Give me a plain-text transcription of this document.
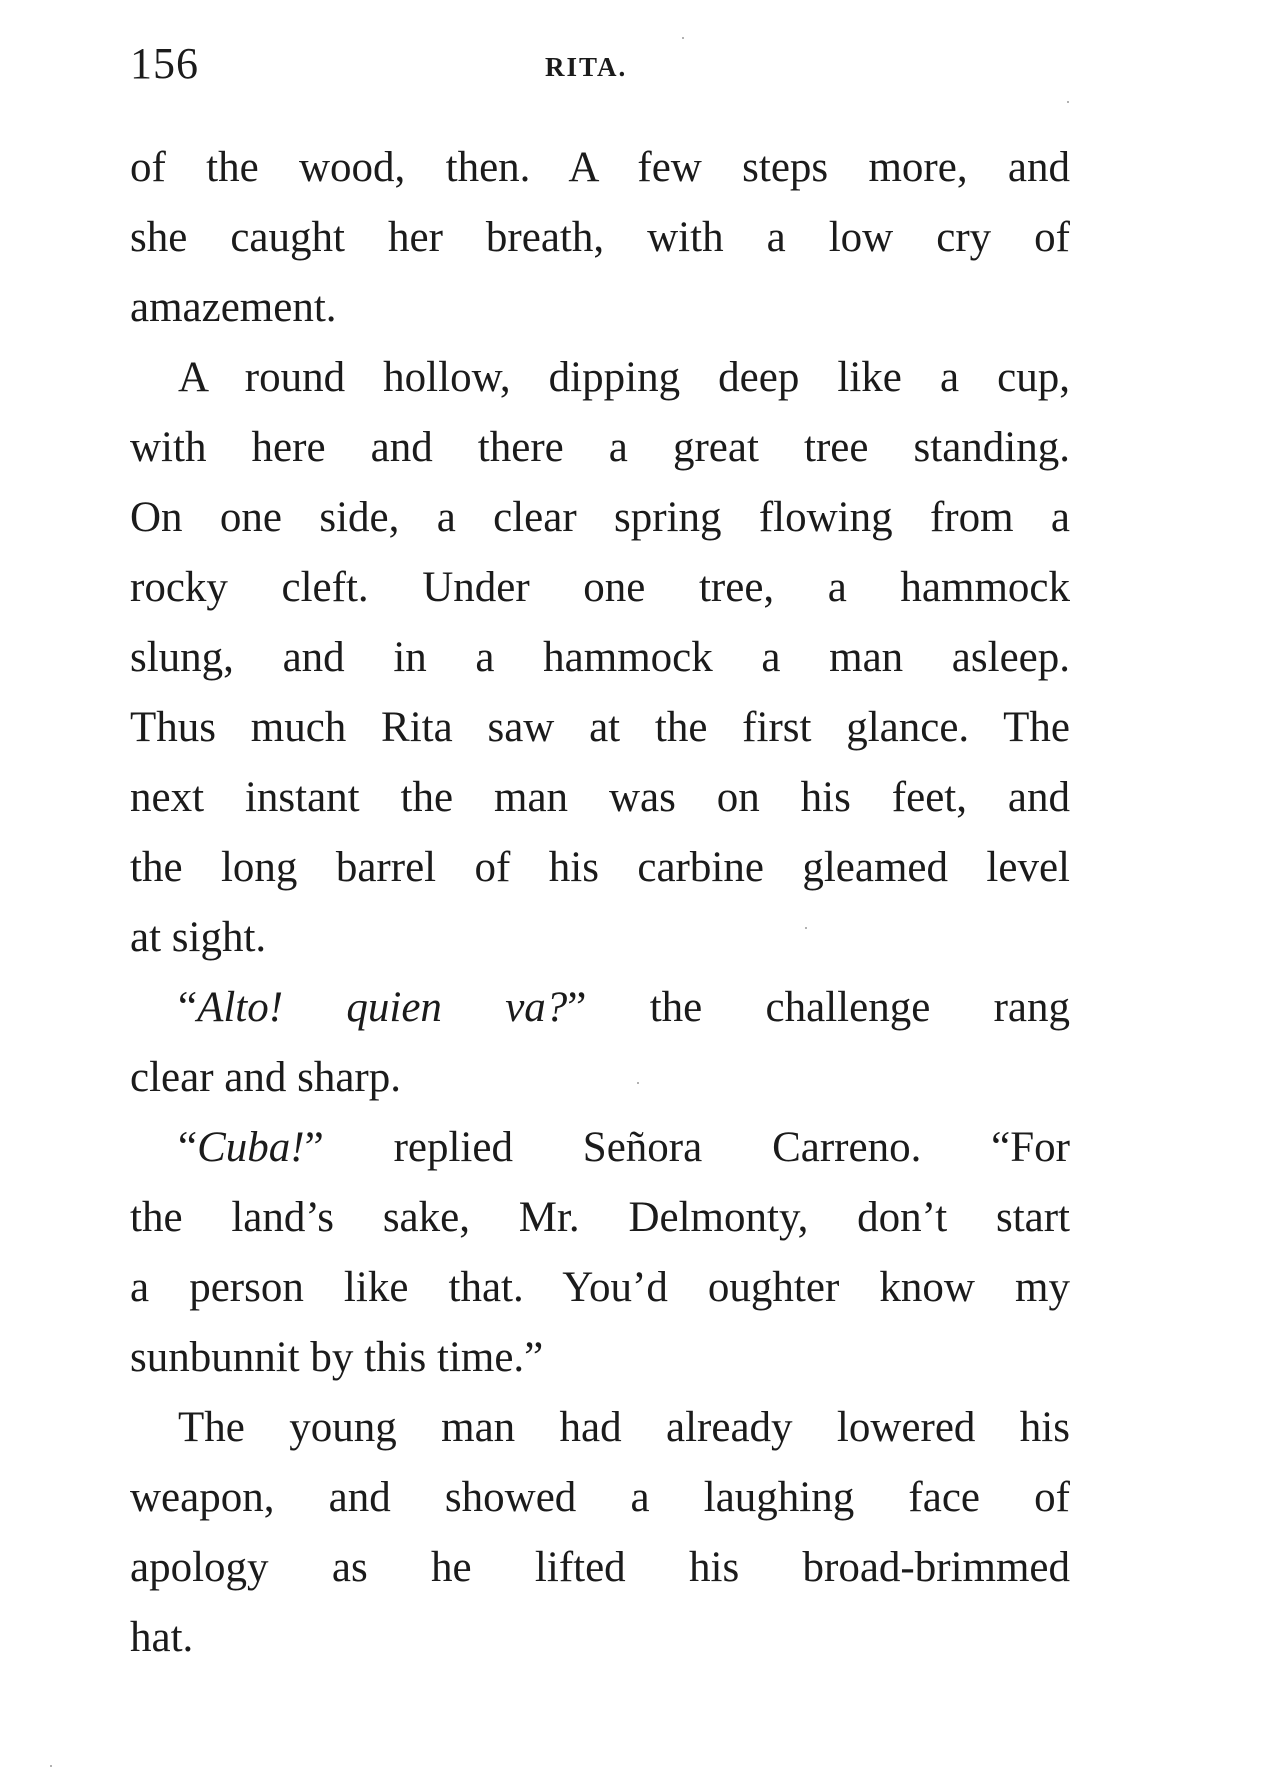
156	RITA.
of the wood, then. A few steps more, and
she caught her breath, with a low cry of
amazement.
A round hollow, dipping deep like a cup,
with here and there a great tree standing.
On one side, a clear spring flowing from a
rocky cleft. Under one tree, a hammock
slung, and in a hammock a man asleep.
Thus much Rita saw at the first glance. The
next instant the man was on his feet, and
the long barrel of his carbine gleamed level
at sight.
“Alto! quien va?” the challenge rang
clear and sharp.
“Cuba!” replied Señora Carreno. “For
the land’s sake, Mr. Delmonty, don’t start
a person like that. You’d oughter know my
sunbunnit by this time.”
The young man had already lowered his
weapon, and showed a laughing face of
apology as he lifted his broad-brimmed
hat.
